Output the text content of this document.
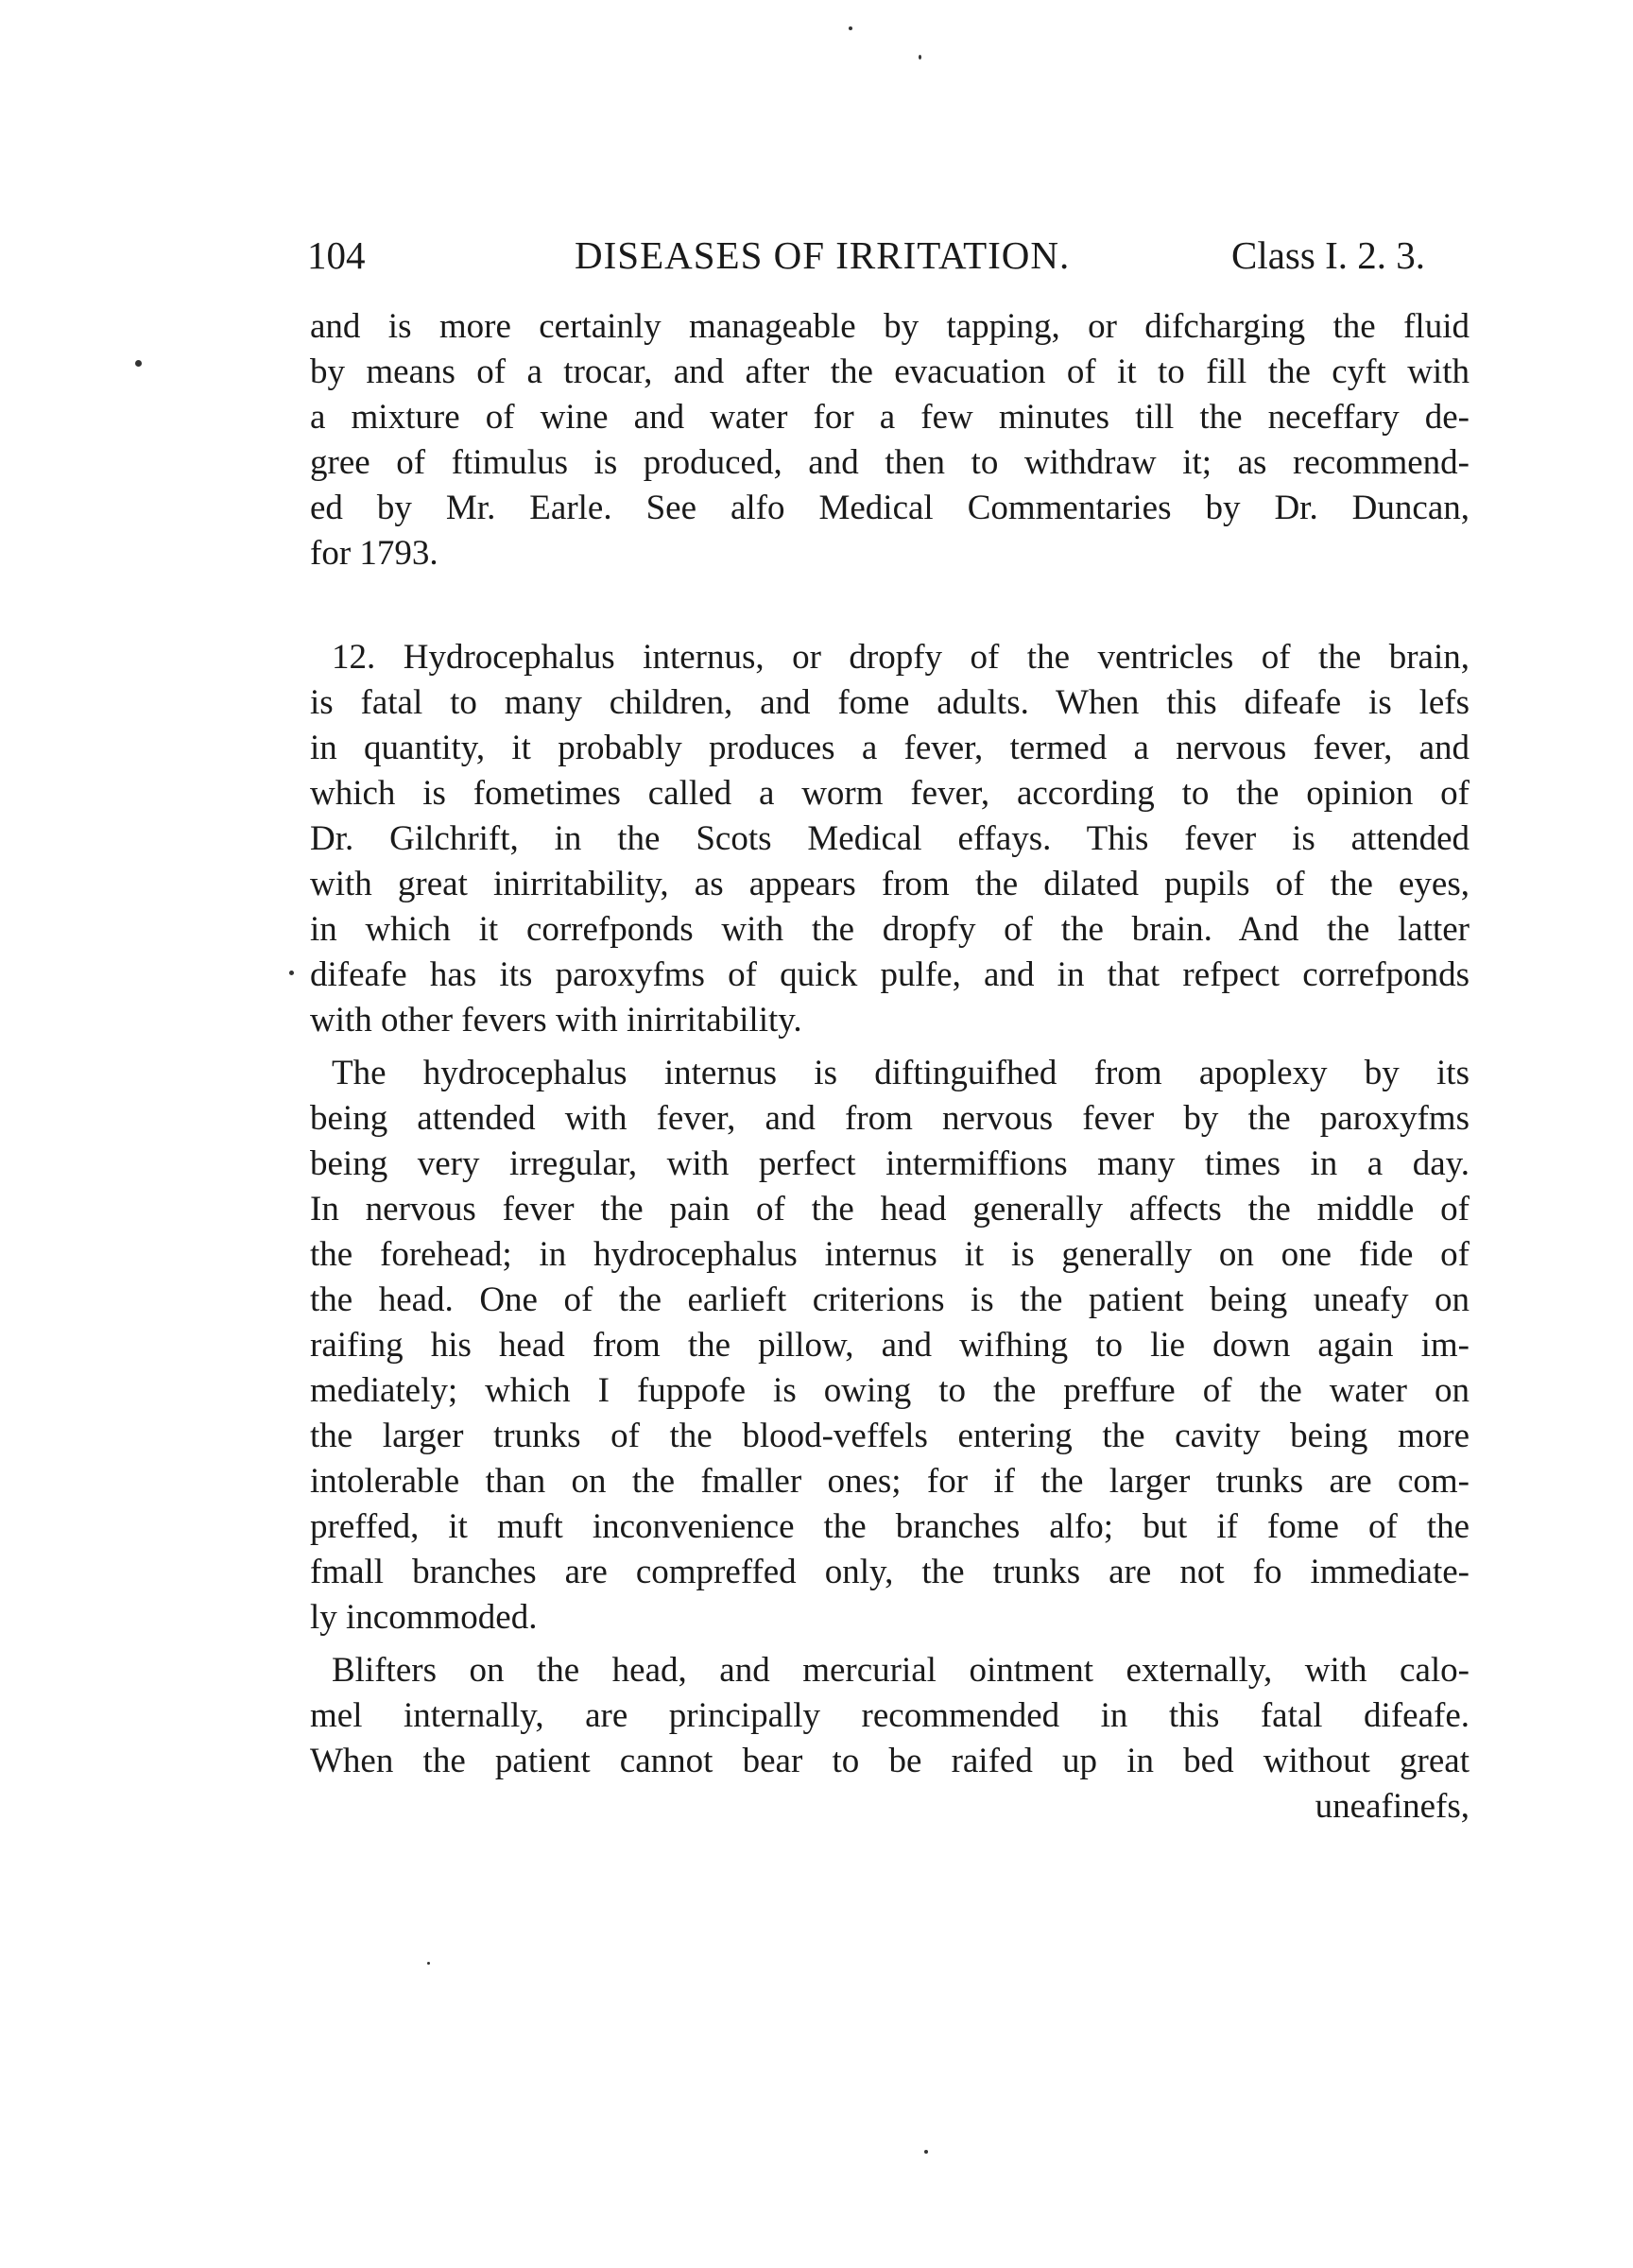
104	DISEASES OF IRRITATION.	Class I. 2. 3.
and is more certainly manageable by tapping, or difcharging the fluid
by means of a trocar, and after the evacuation of it to fill the cyft with
a mixture of wine and water for a few minutes till the neceffary de-
gree of ftimulus is produced, and then to withdraw it; as recommend-
ed by Mr. Earle. See alfo Medical Commentaries by Dr. Duncan,
for 1793.
12. Hydrocephalus internus, or dropfy of the ventricles of the brain,
is fatal to many children, and fome adults. When this difeafe is lefs
in quantity, it probably produces a fever, termed a nervous fever, and
which is fometimes called a worm fever, according to the opinion of
Dr. Gilchrift, in the Scots Medical effays. This fever is attended
with great inirritability, as appears from the dilated pupils of the eyes,
in which it correfponds with the dropfy of the brain. And the latter
difeafe has its paroxyfms of quick pulfe, and in that refpect correfponds
with other fevers with inirritability.
The hydrocephalus internus is diftinguifhed from apoplexy by its
being attended with fever, and from nervous fever by the paroxyfms
being very irregular, with perfect intermiffions many times in a day.
In nervous fever the pain of the head generally affects the middle of
the forehead; in hydrocephalus internus it is generally on one fide of
the head. One of the earlieft criterions is the patient being uneafy on
raifing his head from the pillow, and wifhing to lie down again im-
mediately; which I fuppofe is owing to the preffure of the water on
the larger trunks of the blood-veffels entering the cavity being more
intolerable than on the fmaller ones; for if the larger trunks are com-
preffed, it muft inconvenience the branches alfo; but if fome of the
fmall branches are compreffed only, the trunks are not fo immediate-
ly incommoded.
Blifters on the head, and mercurial ointment externally, with calo-
mel internally, are principally recommended in this fatal difeafe.
When the patient cannot bear to be raifed up in bed without great
uneafinefs,
